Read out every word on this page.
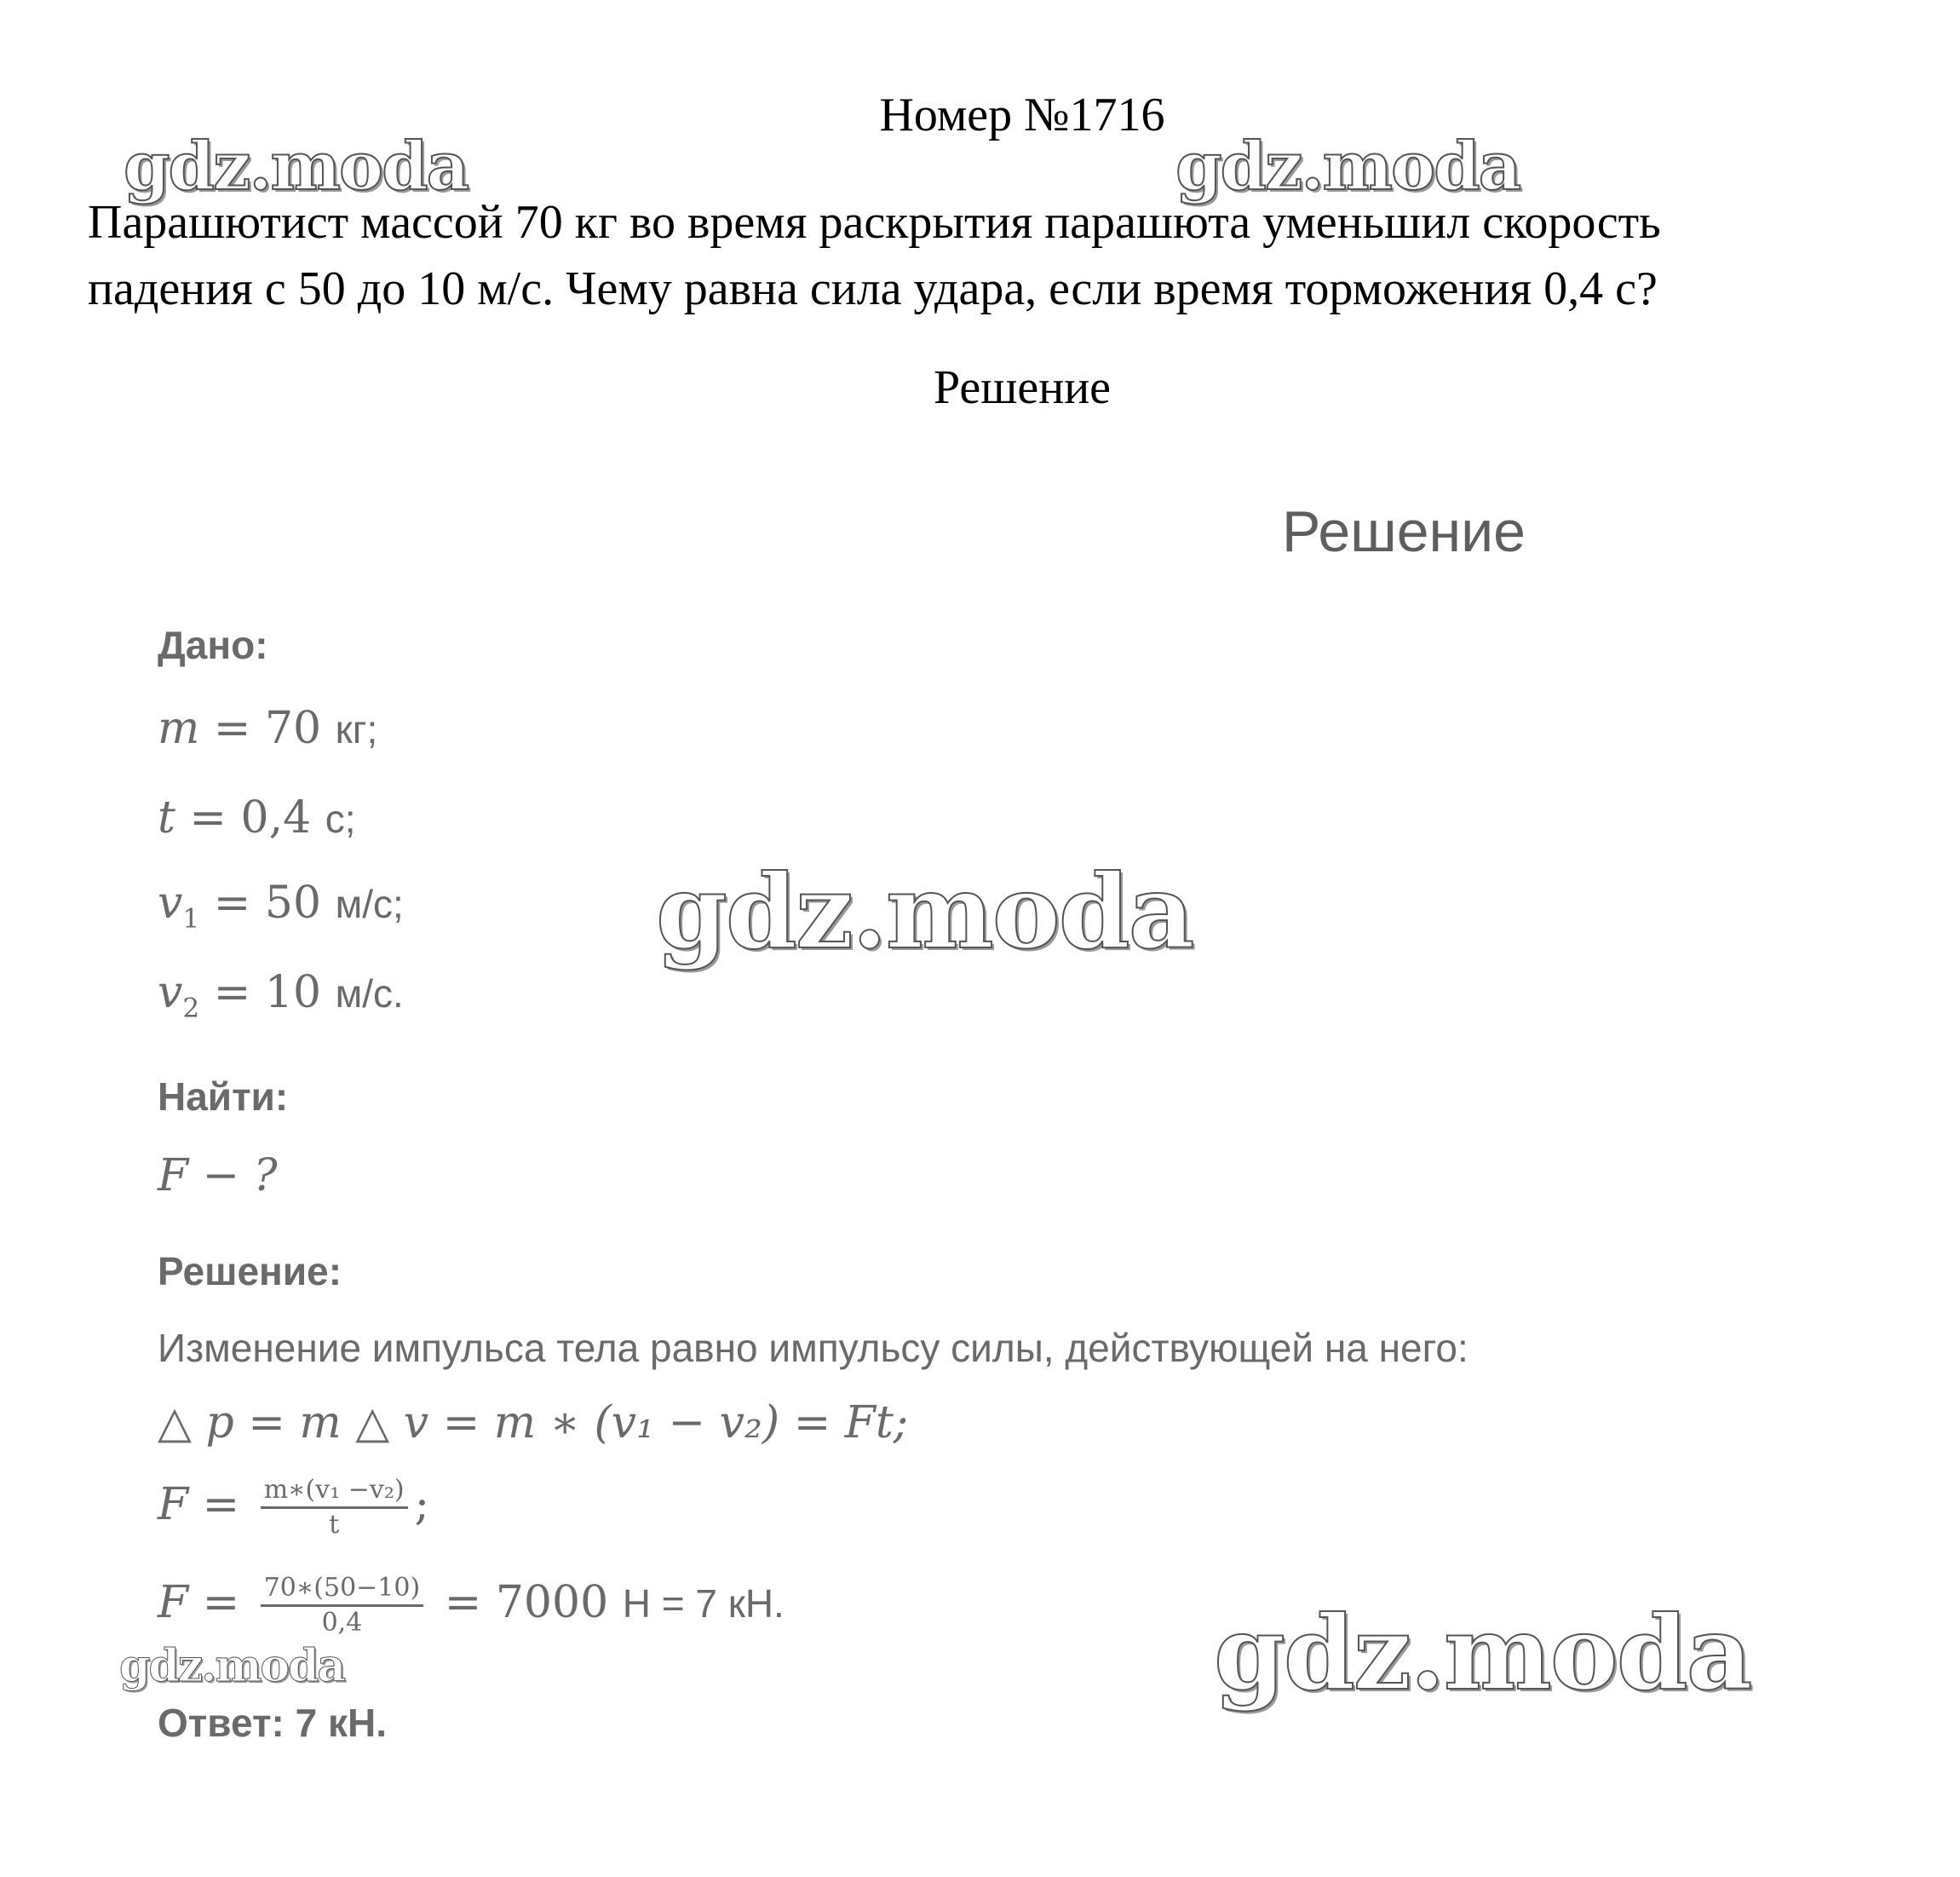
Номер №1716
Парашютист массой 70 кг во время раскрытия парашюта уменьшил скорость
падения с 50 до 10 м/с. Чему равна сила удара, если время торможения 0,4 с?
Решение
Решение
Дано:
m = 70 кг;
t = 0,4 с;
$v_1 = 50$ м/с;
$v_2 = 10$ м/с.
Найти:
F − ?
Решение:
Изменение импульса тела равно импульсу силы, действующей на него:
△ p = m △ v = m ∗ (v₁ − v₂) = Ft;
$F = \frac{\text{m∗(v₁ −v₂)}}{t}$ ;
$F = \frac{70∗(50-10)}{0,4} = 7000$ Н = 7 кН.
Ответ: 7 кН.
gdz.moda	gdz.moda
gdz.moda
gdz.moda
gdz.moda
